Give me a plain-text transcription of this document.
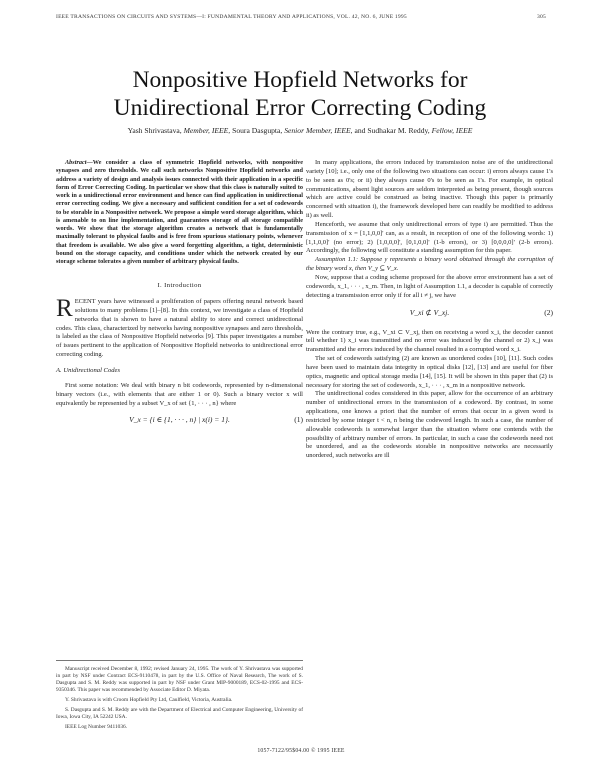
IEEE TRANSACTIONS ON CIRCUITS AND SYSTEMS—I: FUNDAMENTAL THEORY AND APPLICATIONS, VOL. 42, NO. 6, JUNE 1995	305
Nonpositive Hopfield Networks for
Unidirectional Error Correcting Coding
Yash Shrivastava, Member, IEEE, Soura Dasgupta, Senior Member, IEEE, and Sudhakar M. Reddy, Fellow, IEEE

Abstract—We consider a class of symmetric Hopfield networks, with nonpositive synapses and zero thresholds. We call such networks Nonpositive Hopfield networks and address a variety of design and analysis issues connected with their application in a specific form of Error Correcting Coding. In particular we show that this class is naturally suited to work in a unidirectional error environment and hence can find application in unidirectional error correcting coding. We give a necessary and sufficient condition for a set of codewords to be storable in a Nonpositive network. We propose a simple word storage algorithm, which is amenable to on line implementation, and guarantees storage of all storage compatible words. We show that the storage algorithm creates a network that is fundamentally maximally tolerant to physical faults and is free from spurious stationary points, whenever that freedom is available. We also give a word forgetting algorithm, a tight, deterministic bound on the storage capacity, and conditions under which the network created by our storage scheme tolerates a given number of arbitrary physical faults.

I. Introduction

RECENT years have witnessed a proliferation of papers offering neural network based solutions to many problems [1]–[8]. In this context, we investigate a class of Hopfield networks that is shown to have a natural ability to store and correct unidirectional codes. This class, characterized by networks having nonpositive synapses and zero thresholds, is labeled as the class of Nonpositive Hopfield networks [9]. This paper investigates a number of issues pertinent to the application of Nonpositive Hopfield networks to unidirectional error correcting coding.

A. Unidirectional Codes

First some notation: We deal with binary n bit codewords, represented by n-dimensional binary vectors (i.e., with elements that are either 1 or 0). Such a binary vector x will equivalently be represented by a subset V_x of set {1, · · · , n} where

V_x = {i ∈ {1, · · · , n} | x(i) = 1}.	(1)

Manuscript received December 8, 1992; revised January 24, 1995. The work of Y. Shrivastava was supported in part by NSF under Contract ECS-9110478, in part by the U.S. Office of Naval Research, The work of S. Dasgupta and S. M. Reddy was supported in part by NSF under Grant MIP-9000189, ECS-02-1995 and ECS-9350346. This paper was recommended by Associate Editor D. Miyata.

Y. Shrivastava is with Croom Hopfield Pty Ltd, Caulfield, Victoria, Australia.

S. Dasgupta and S. M. Reddy are with the Department of Electrical and Computer Engineering, University of Iowa, Iowa City, IA 52242 USA.

IEEE Log Number 9411036.

In many applications, the errors induced by transmission noise are of the unidirectional variety [10]; i.e., only one of the following two situations can occur: i) errors always cause 1's to be seen as 0's; or ii) they always cause 0's to be seen as 1's. For example, in optical communications, absent light sources are seldom interpreted as being present, though sources which are active could be construed as being inactive. Though this paper is primarily concerned with situation i), the framework developed here can readily be modified to address ii) as well.

Henceforth, we assume that only unidirectional errors of type i) are permitted. Thus the transmission of x = [1,1,0,0]' can, as a result, in reception of one of the following words: 1) [1,1,0,0]' (no error); 2) [1,0,0,0]', [0,1,0,0]' (1-b errors), or 3) [0,0,0,0]' (2-b errors). Accordingly, the following will constitute a standing assumption for this paper.

Assumption 1.1: Suppose y represents a binary word obtained through the corruption of the binary word x, then V_y ⊆ V_x.

Now, suppose that a coding scheme proposed for the above error environment has a set of codewords, x_1, · · · , x_m. Then, in light of Assumption 1.1, a decoder is capable of correctly detecting a transmission error only if for all i ≠ j, we have

V_xi ⊄ V_xj.	(2)

Were the contrary true, e.g., V_xi ⊂ V_xj, then on receiving a word x_i, the decoder cannot tell whether 1) x_i was transmitted and no error was induced by the channel or 2) x_j was transmitted and the errors induced by the channel resulted in a corrupted word x_i.

The set of codewords satisfying (2) are known as unordered codes [10], [11]. Such codes have been used to maintain data integrity in optical disks [12], [13] and are useful for fiber optics, magnetic and optical storage media [14], [15]. It will be shown in this paper that (2) is necessary for storing the set of codewords, x_1, · · · , x_m in a nonpositive network.

The unidirectional codes considered in this paper, allow for the occurrence of an arbitrary number of unidirectional errors in the transmission of a codeword. By contrast, in some applications, one knows a priori that the number of errors that occur in a given word is restricted by some integer t < n, n being the codeword length. In such a case, the number of allowable codewords is somewhat larger than the situation where one contends with the possibility of arbitrary number of errors. In particular, in such a case the codewords need not be unordered, and as the codewords storable in nonpositive networks are necessarily unordered, such networks are ill

1057-7122/95$04.00 © 1995 IEEE
